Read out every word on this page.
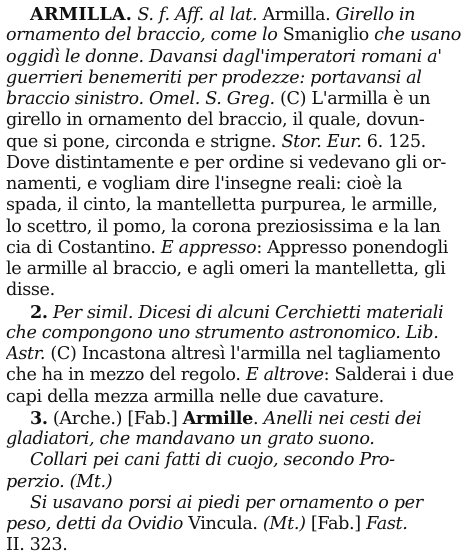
ARMILLA. S. f. Aff. al lat. Armilla. Girello in
ornamento del braccio, come lo Smaniglio che usano
oggidì le donne. Davansi dagl'imperatori romani a'
guerrieri benemeriti per prodezze: portavansi al
braccio sinistro. Omel. S. Greg. (C) L'armilla è un
girello in ornamento del braccio, il quale, dovun-
que si pone, circonda e strigne. Stor. Eur. 6. 125.
Dove distintamente e per ordine si vedevano gli or-
namenti, e vogliam dire l'insegne reali: cioè la
spada, il cinto, la mantelletta purpurea, le armille,
lo scettro, il pomo, la corona preziosissima e la lan
cia di Costantino. E appresso: Appresso ponendogli
le armille al braccio, e agli omeri la mantelletta, gli
disse.
2. Per simil. Dicesi di alcuni Cerchietti materiali
che compongono uno strumento astronomico. Lib.
Astr. (C) Incastona altresì l'armilla nel tagliamento
che ha in mezzo del regolo. E altrove: Salderai i due
capi della mezza armilla nelle due cavature.
3. (Arche.) [Fab.] Armille. Anelli nei cesti dei
gladiatori, che mandavano un grato suono.
Collari pei cani fatti di cuojo, secondo Pro-
perzio. (Mt.)
Si usavano porsi ai piedi per ornamento o per
peso, detti da Ovidio Vincula. (Mt.) [Fab.] Fast.
II. 323.
